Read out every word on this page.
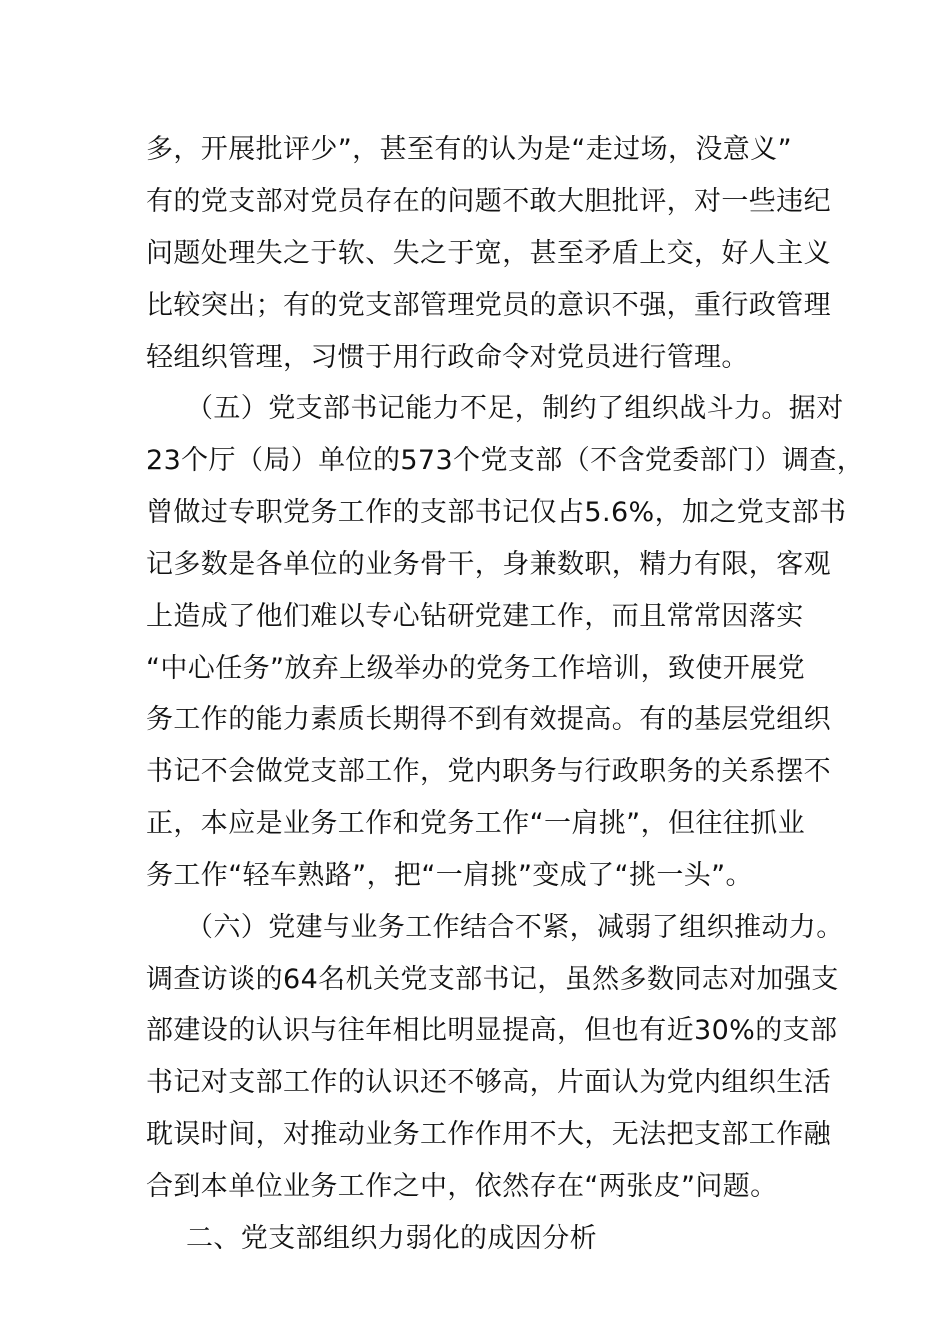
多，开展批评少”，甚至有的认为是“走过场，没意义”
有的党支部对党员存在的问题不敢大胆批评，对一些违纪
问题处理失之于软、失之于宽，甚至矛盾上交，好人主义
比较突出；有的党支部管理党员的意识不强，重行政管理
轻组织管理，习惯于用行政命令对党员进行管理。
（五）党支部书记能力不足，制约了组织战斗力。据对
23个厅（局）单位的573个党支部（不含党委部门）调查，
曾做过专职党务工作的支部书记仅占5.6%，加之党支部书
记多数是各单位的业务骨干，身兼数职，精力有限，客观
上造成了他们难以专心钻研党建工作，而且常常因落实
“中心任务”放弃上级举办的党务工作培训，致使开展党
务工作的能力素质长期得不到有效提高。有的基层党组织
书记不会做党支部工作，党内职务与行政职务的关系摆不
正，本应是业务工作和党务工作“一肩挑”，但往往抓业
务工作“轻车熟路”，把“一肩挑”变成了“挑一头”。
（六）党建与业务工作结合不紧，减弱了组织推动力。
调查访谈的64名机关党支部书记，虽然多数同志对加强支
部建设的认识与往年相比明显提高，但也有近30%的支部
书记对支部工作的认识还不够高，片面认为党内组织生活
耽误时间，对推动业务工作作用不大，无法把支部工作融
合到本单位业务工作之中，依然存在“两张皮”问题。
二、党支部组织力弱化的成因分析
